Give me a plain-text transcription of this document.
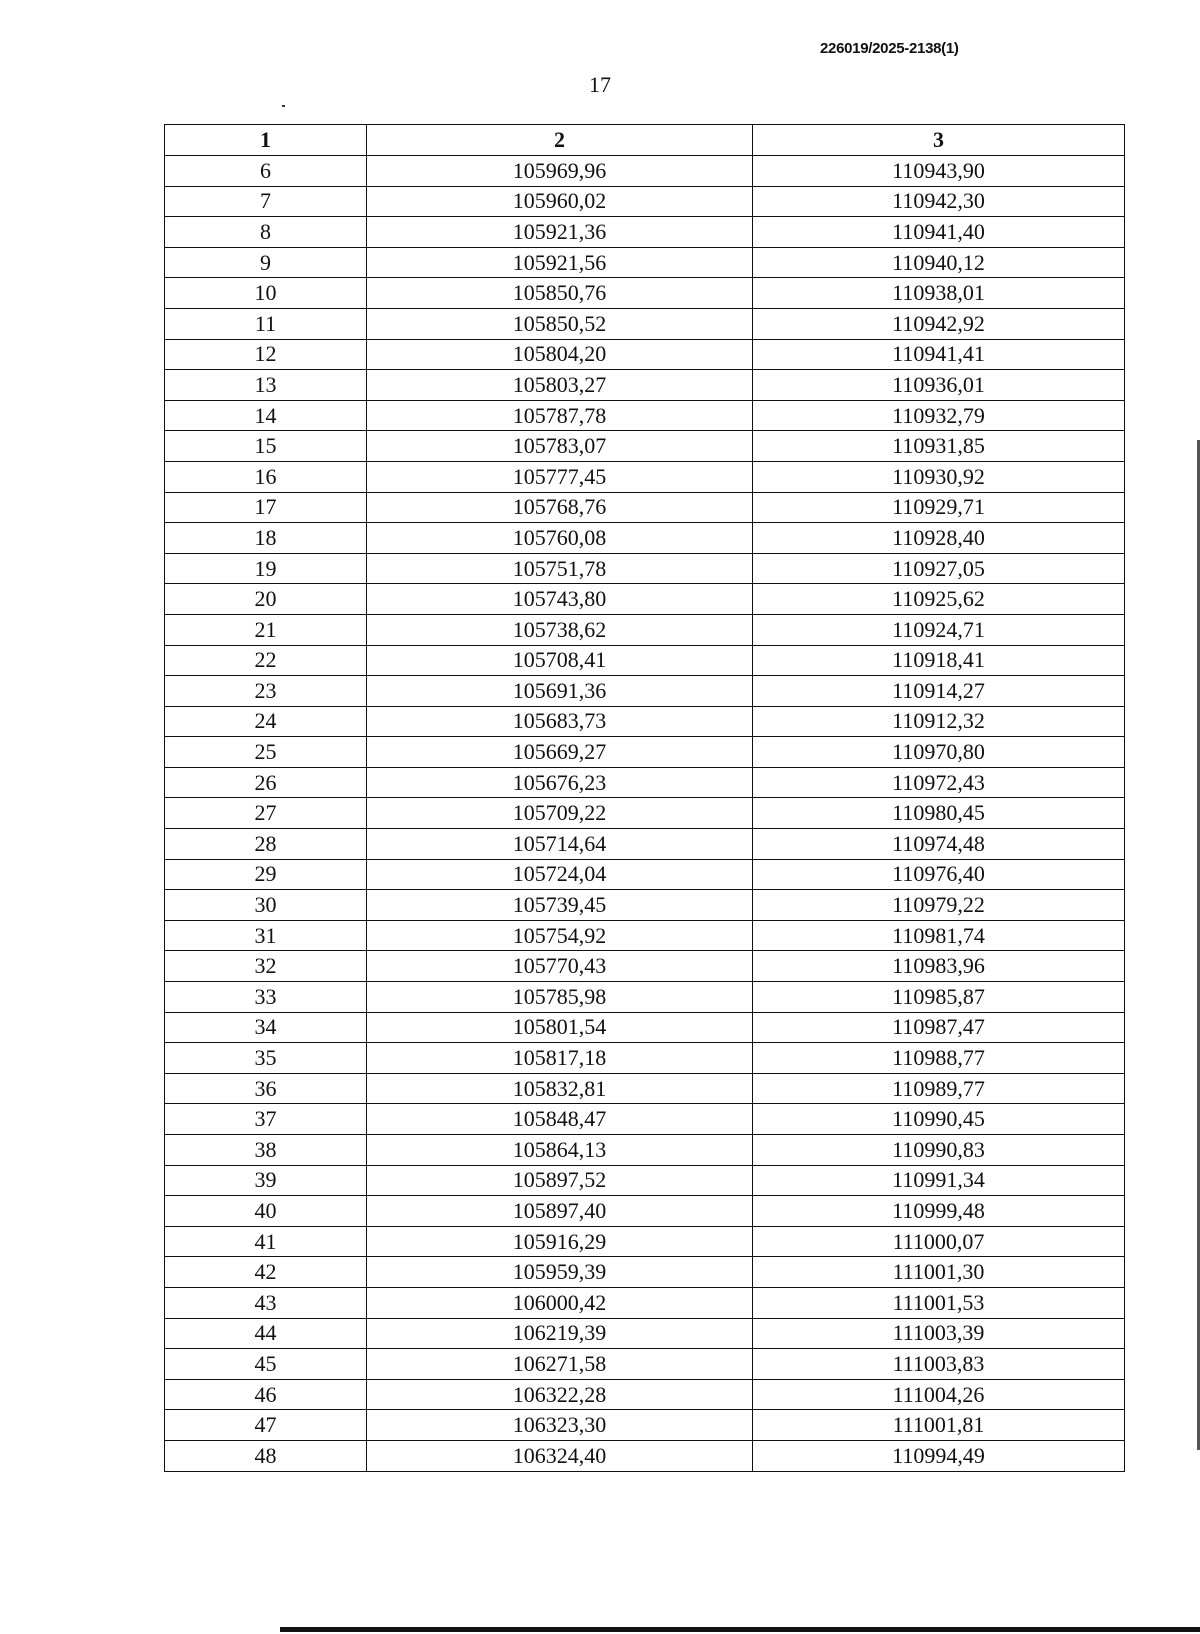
226019/2025-2138(1)
17
1	2	3
6	105969,96	110943,90
7	105960,02	110942,30
8	105921,36	110941,40
9	105921,56	110940,12
10	105850,76	110938,01
11	105850,52	110942,92
12	105804,20	110941,41
13	105803,27	110936,01
14	105787,78	110932,79
15	105783,07	110931,85
16	105777,45	110930,92
17	105768,76	110929,71
18	105760,08	110928,40
19	105751,78	110927,05
20	105743,80	110925,62
21	105738,62	110924,71
22	105708,41	110918,41
23	105691,36	110914,27
24	105683,73	110912,32
25	105669,27	110970,80
26	105676,23	110972,43
27	105709,22	110980,45
28	105714,64	110974,48
29	105724,04	110976,40
30	105739,45	110979,22
31	105754,92	110981,74
32	105770,43	110983,96
33	105785,98	110985,87
34	105801,54	110987,47
35	105817,18	110988,77
36	105832,81	110989,77
37	105848,47	110990,45
38	105864,13	110990,83
39	105897,52	110991,34
40	105897,40	110999,48
41	105916,29	111000,07
42	105959,39	111001,30
43	106000,42	111001,53
44	106219,39	111003,39
45	106271,58	111003,83
46	106322,28	111004,26
47	106323,30	111001,81
48	106324,40	110994,49
